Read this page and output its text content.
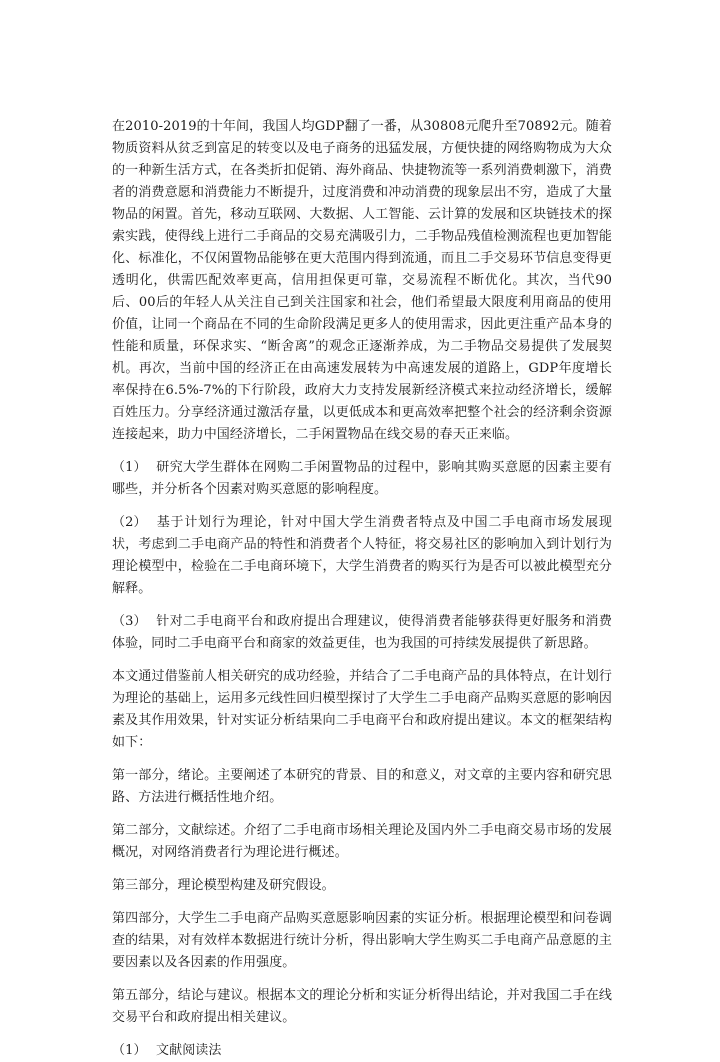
在2010-2019的十年间，我国人均GDP翻了一番，从30808元爬升至70892元。随着物质资料从贫乏到富足的转变以及电子商务的迅猛发展，方便快捷的网络购物成为大众的一种新生活方式，在各类折扣促销、海外商品、快捷物流等一系列消费刺激下，消费者的消费意愿和消费能力不断提升，过度消费和冲动消费的现象层出不穷，造成了大量物品的闲置。首先，移动互联网、大数据、人工智能、云计算的发展和区块链技术的探索实践，使得线上进行二手商品的交易充满吸引力，二手物品残值检测流程也更加智能化、标准化，不仅闲置物品能够在更大范围内得到流通，而且二手交易环节信息变得更透明化，供需匹配效率更高，信用担保更可靠，交易流程不断优化。其次，当代90后、00后的年轻人从关注自己到关注国家和社会，他们希望最大限度利用商品的使用价值，让同一个商品在不同的生命阶段满足更多人的使用需求，因此更注重产品本身的性能和质量，环保求实、“断舍离”的观念正逐渐养成，为二手物品交易提供了发展契机。再次，当前中国的经济正在由高速发展转为中高速发展的道路上，GDP年度增长率保持在6.5%-7%的下行阶段，政府大力支持发展新经济模式来拉动经济增长，缓解百姓压力。分享经济通过激活存量，以更低成本和更高效率把整个社会的经济剩余资源连接起来，助力中国经济增长，二手闲置物品在线交易的春天正来临。

（1） 研究大学生群体在网购二手闲置物品的过程中，影响其购买意愿的因素主要有哪些，并分析各个因素对购买意愿的影响程度。

（2） 基于计划行为理论，针对中国大学生消费者特点及中国二手电商市场发展现状，考虑到二手电商产品的特性和消费者个人特征，将交易社区的影响加入到计划行为理论模型中，检验在二手电商环境下，大学生消费者的购买行为是否可以被此模型充分解释。

（3） 针对二手电商平台和政府提出合理建议，使得消费者能够获得更好服务和消费体验，同时二手电商平台和商家的效益更佳，也为我国的可持续发展提供了新思路。

本文通过借鉴前人相关研究的成功经验，并结合了二手电商产品的具体特点，在计划行为理论的基础上，运用多元线性回归模型探讨了大学生二手电商产品购买意愿的影响因素及其作用效果，针对实证分析结果向二手电商平台和政府提出建议。本文的框架结构如下：

第一部分，绪论。主要阐述了本研究的背景、目的和意义，对文章的主要内容和研究思路、方法进行概括性地介绍。

第二部分，文献综述。介绍了二手电商市场相关理论及国内外二手电商交易市场的发展概况，对网络消费者行为理论进行概述。

第三部分，理论模型构建及研究假设。

第四部分，大学生二手电商产品购买意愿影响因素的实证分析。根据理论模型和问卷调查的结果，对有效样本数据进行统计分析，得出影响大学生购买二手电商产品意愿的主要因素以及各因素的作用强度。

第五部分，结论与建议。根据本文的理论分析和实证分析得出结论，并对我国二手在线交易平台和政府提出相关建议。

（1） 文献阅读法
